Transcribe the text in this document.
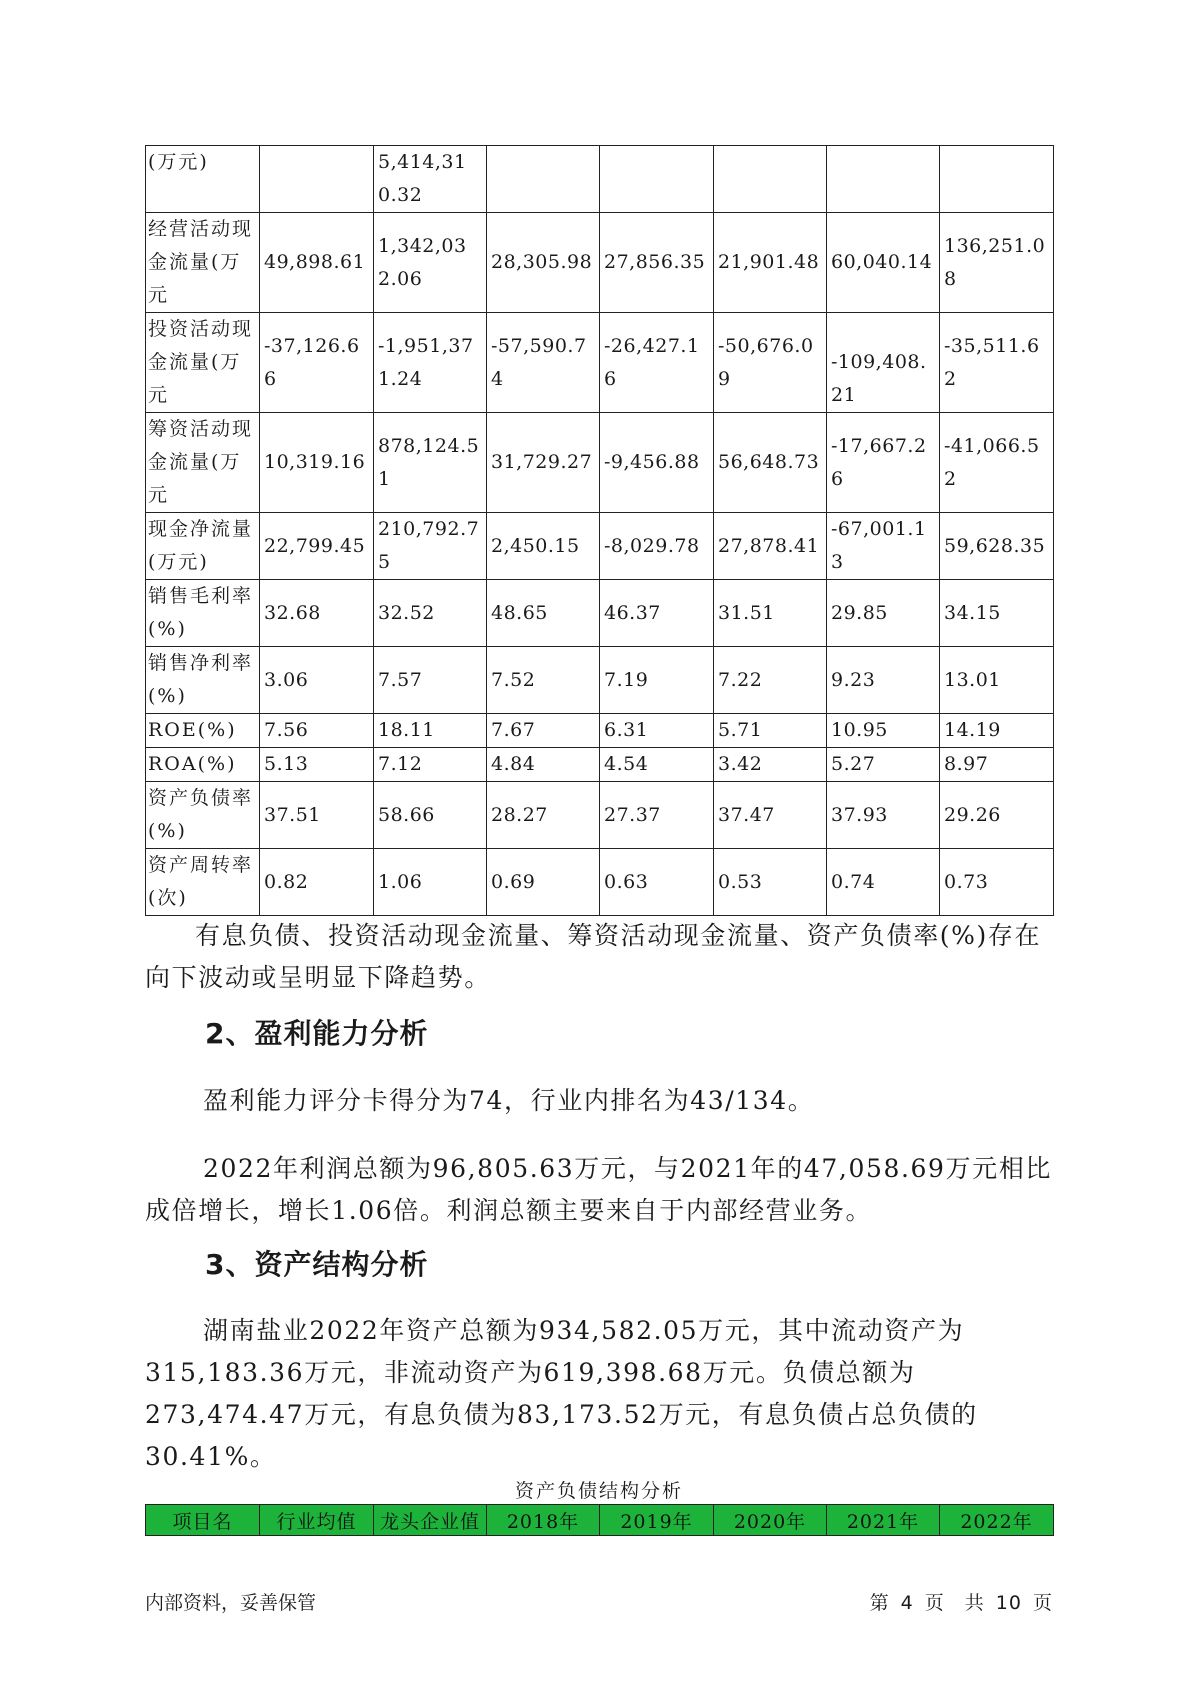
(万元)		5,414,310.32					
经营活动现金流量(万元	49,898.61	1,342,032.06	28,305.98	27,856.35	21,901.48	60,040.14	136,251.08
投资活动现金流量(万元	-37,126.66	-1,951,371.24	-57,590.74	-26,427.16	-50,676.09	-109,408.21	-35,511.62
筹资活动现金流量(万元	10,319.16	878,124.51	31,729.27	-9,456.88	56,648.73	-17,667.26	-41,066.52
现金净流量(万元)	22,799.45	210,792.75	2,450.15	-8,029.78	27,878.41	-67,001.13	59,628.35
销售毛利率(%)	32.68	32.52	48.65	46.37	31.51	29.85	34.15
销售净利率(%)	3.06	7.57	7.52	7.19	7.22	9.23	13.01
ROE(%)	7.56	18.11	7.67	6.31	5.71	10.95	14.19
ROA(%)	5.13	7.12	4.84	4.54	3.42	5.27	8.97
资产负债率(%)	37.51	58.66	28.27	27.37	37.47	37.93	29.26
资产周转率(次)	0.82	1.06	0.69	0.63	0.53	0.74	0.73

有息负债、投资活动现金流量、筹资活动现金流量、资产负债率(%)存在向下波动或呈明显下降趋势。

2、盈利能力分析

盈利能力评分卡得分为74，行业内排名为43/134。

2022年利润总额为96,805.63万元，与2021年的47,058.69万元相比成倍增长，增长1.06倍。利润总额主要来自于内部经营业务。

3、资产结构分析

湖南盐业2022年资产总额为934,582.05万元，其中流动资产为315,183.36万元，非流动资产为619,398.68万元。负债总额为273,474.47万元，有息负债为83,173.52万元，有息负债占总负债的30.41%。

资产负债结构分析
项目名	行业均值	龙头企业值	2018年	2019年	2020年	2021年	2022年
内部资料，妥善保管	第 4 页　共 10 页
